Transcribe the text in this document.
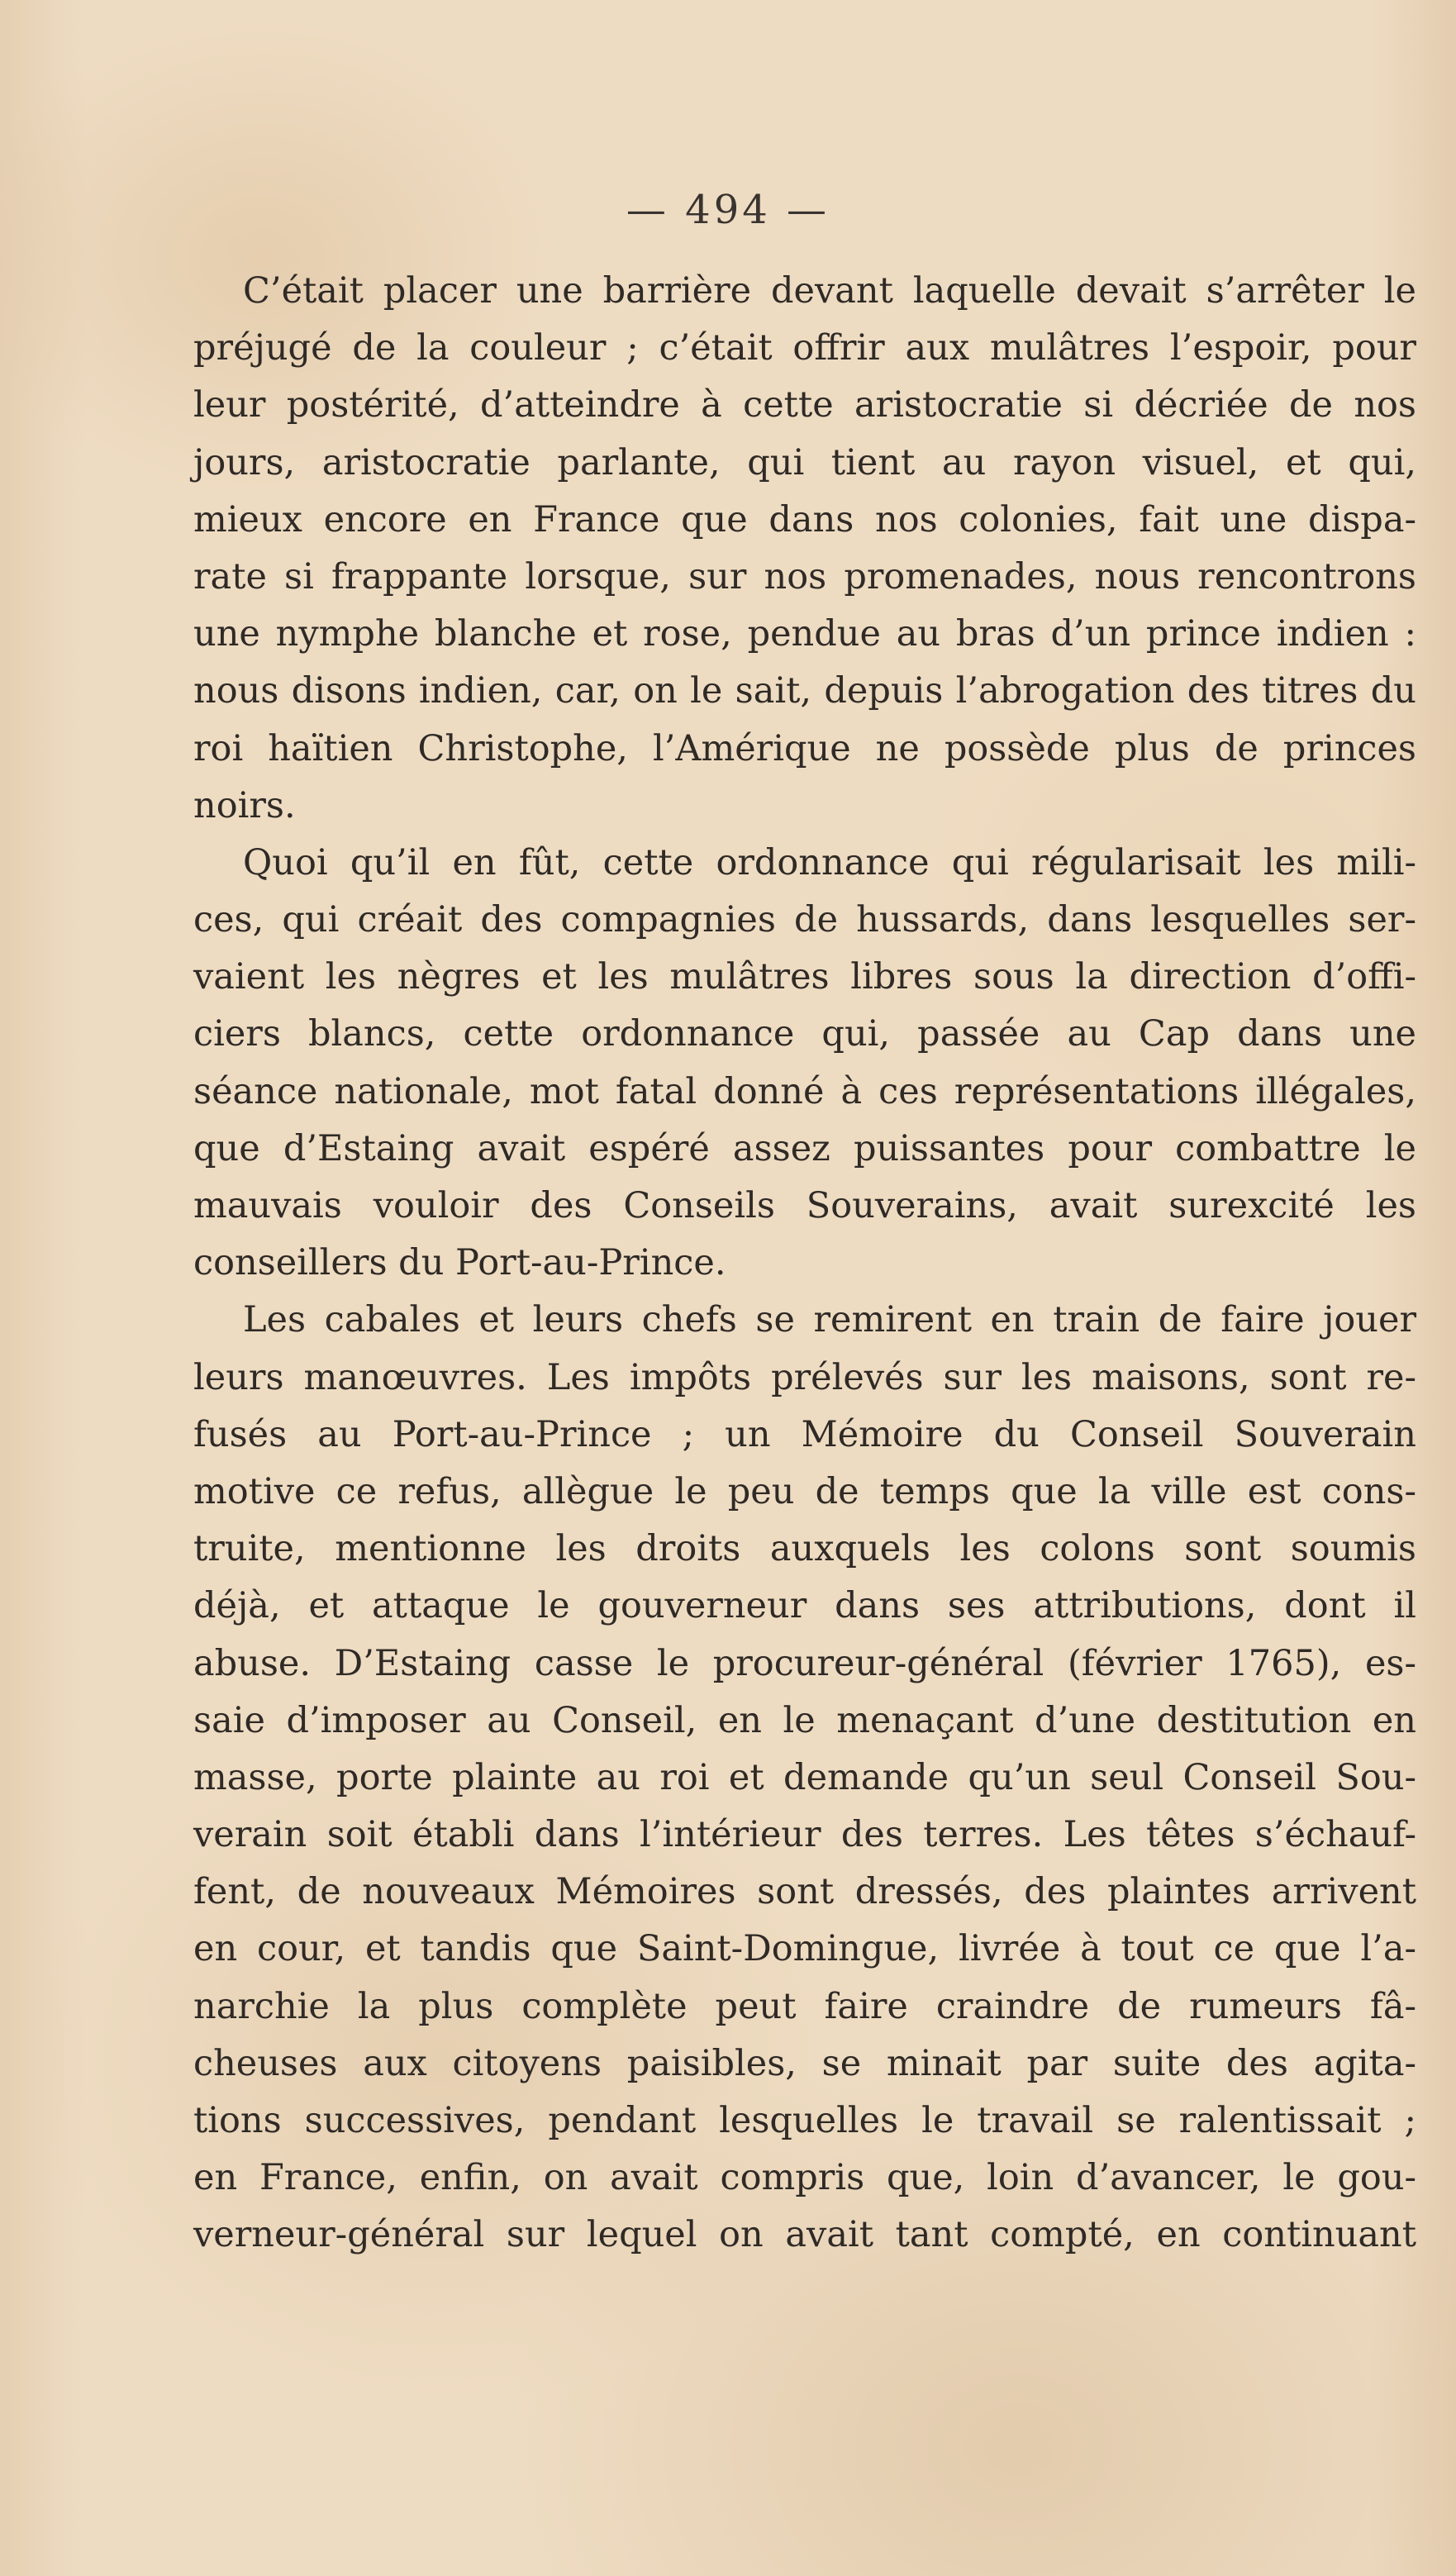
— 494 —
C’était placer une barrière devant laquelle devait s’arrêter le
préjugé de la couleur ; c’était offrir aux mulâtres l’espoir, pour
leur postérité, d’atteindre à cette aristocratie si décriée de nos
jours, aristocratie parlante, qui tient au rayon visuel, et qui,
mieux encore en France que dans nos colonies, fait une dispa-
rate si frappante lorsque, sur nos promenades, nous rencontrons
une nymphe blanche et rose, pendue au bras d’un prince indien :
nous disons indien, car, on le sait, depuis l’abrogation des titres du
roi haïtien Christophe, l’Amérique ne possède plus de princes
noirs.
Quoi qu’il en fût, cette ordonnance qui régularisait les mili-
ces, qui créait des compagnies de hussards, dans lesquelles ser-
vaient les nègres et les mulâtres libres sous la direction d’offi-
ciers blancs, cette ordonnance qui, passée au Cap dans une
séance nationale, mot fatal donné à ces représentations illégales,
que d’Estaing avait espéré assez puissantes pour combattre le
mauvais vouloir des Conseils Souverains, avait surexcité les
conseillers du Port-au-Prince.
Les cabales et leurs chefs se remirent en train de faire jouer
leurs manœuvres. Les impôts prélevés sur les maisons, sont re-
fusés au Port-au-Prince ; un Mémoire du Conseil Souverain
motive ce refus, allègue le peu de temps que la ville est cons-
truite, mentionne les droits auxquels les colons sont soumis
déjà, et attaque le gouverneur dans ses attributions, dont il
abuse. D’Estaing casse le procureur-général (février 1765), es-
saie d’imposer au Conseil, en le menaçant d’une destitution en
masse, porte plainte au roi et demande qu’un seul Conseil Sou-
verain soit établi dans l’intérieur des terres. Les têtes s’échauf-
fent, de nouveaux Mémoires sont dressés, des plaintes arrivent
en cour, et tandis que Saint-Domingue, livrée à tout ce que l’a-
narchie la plus complète peut faire craindre de rumeurs fâ-
cheuses aux citoyens paisibles, se minait par suite des agita-
tions successives, pendant lesquelles le travail se ralentissait ;
en France, enfin, on avait compris que, loin d’avancer, le gou-
verneur-général sur lequel on avait tant compté, en continuant
